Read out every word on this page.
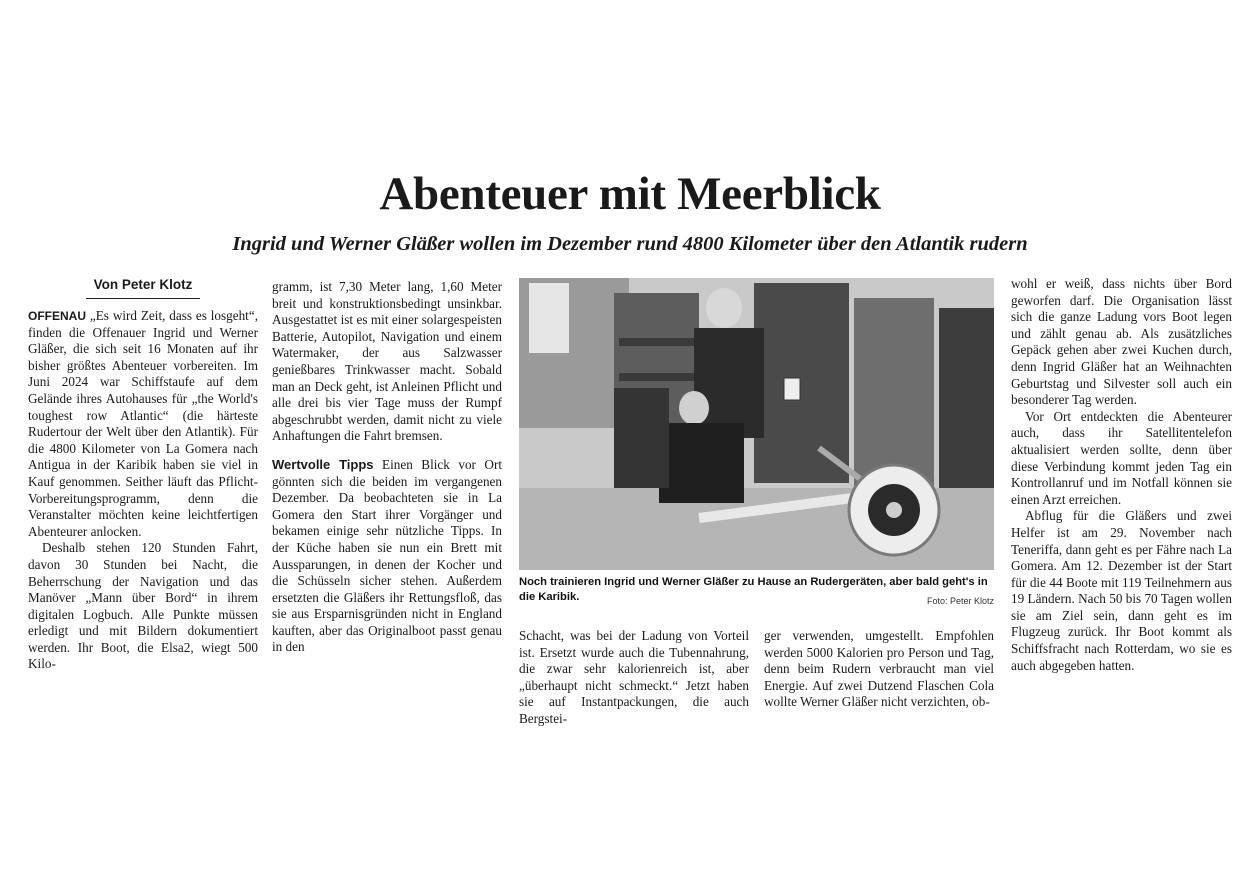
Abenteuer mit Meerblick
Ingrid und Werner Gläßer wollen im Dezember rund 4800 Kilometer über den Atlantik rudern
Von Peter Klotz

OFFENAU „Es wird Zeit, dass es losgeht“, finden die Offenauer Ingrid und Werner Gläßer, die sich seit 16 Monaten auf ihr bisher größtes Abenteuer vorbereiten. Im Juni 2024 war Schiffstaufe auf dem Gelände ihres Autohauses für „the World's toughest row Atlantic“ (die härteste Rudertour der Welt über den Atlantik). Für die 4800 Kilometer von La Gomera nach Antigua in der Karibik haben sie viel in Kauf genommen. Seither läuft das Pflicht-Vorbereitungsprogramm, denn die Veranstalter möchten keine leichtfertigen Abenteurer anlocken.

Deshalb stehen 120 Stunden Fahrt, davon 30 Stunden bei Nacht, die Beherrschung der Navigation und das Manöver „Mann über Bord“ in ihrem digitalen Logbuch. Alle Punkte müssen erledigt und mit Bildern dokumentiert werden. Ihr Boot, die Elsa2, wiegt 500 Kilo-

gramm, ist 7,30 Meter lang, 1,60 Meter breit und konstruktionsbedingt unsinkbar. Ausgestattet ist es mit einer solargespeisten Batterie, Autopilot, Navigation und einem Watermaker, der aus Salzwasser genießbares Trinkwasser macht. Sobald man an Deck geht, ist Anleinen Pflicht und alle drei bis vier Tage muss der Rumpf abgeschrubbt werden, damit nicht zu viele Anhaftungen die Fahrt bremsen.

Wertvolle Tipps Einen Blick vor Ort gönnten sich die beiden im vergangenen Dezember. Da beobachteten sie in La Gomera den Start ihrer Vorgänger und bekamen einige sehr nützliche Tipps. In der Küche haben sie nun ein Brett mit Aussparungen, in denen der Kocher und die Schüsseln sicher stehen. Außerdem ersetzten die Gläßers ihr Rettungsfloß, das sie aus Ersparnisgründen nicht in England kauften, aber das Originalboot passt genau in den

Noch trainieren Ingrid und Werner Gläßer zu Hause an Rudergeräten, aber bald geht's in die Karibik.	Foto: Peter Klotz

Schacht, was bei der Ladung von Vorteil ist. Ersetzt wurde auch die Tubennahrung, die zwar sehr kalorienreich ist, aber „überhaupt nicht schmeckt.“ Jetzt haben sie auf Instantpackungen, die auch Bergstei-

ger verwenden, umgestellt. Empfohlen werden 5000 Kalorien pro Person und Tag, denn beim Rudern verbraucht man viel Energie. Auf zwei Dutzend Flaschen Cola wollte Werner Gläßer nicht verzichten, ob-

wohl er weiß, dass nichts über Bord geworfen darf. Die Organisation lässt sich die ganze Ladung vors Boot legen und zählt genau ab. Als zusätzliches Gepäck gehen aber zwei Kuchen durch, denn Ingrid Gläßer hat an Weihnachten Geburtstag und Silvester soll auch ein besonderer Tag werden.

Vor Ort entdeckten die Abenteurer auch, dass ihr Satellitentelefon aktualisiert werden sollte, denn über diese Verbindung kommt jeden Tag ein Kontrollanruf und im Notfall können sie einen Arzt erreichen.

Abflug für die Gläßers und zwei Helfer ist am 29. November nach Teneriffa, dann geht es per Fähre nach La Gomera. Am 12. Dezember ist der Start für die 44 Boote mit 119 Teilnehmern aus 19 Ländern. Nach 50 bis 70 Tagen wollen sie am Ziel sein, dann geht es im Flugzeug zurück. Ihr Boot kommt als Schiffsfracht nach Rotterdam, wo sie es auch abgegeben hatten.
